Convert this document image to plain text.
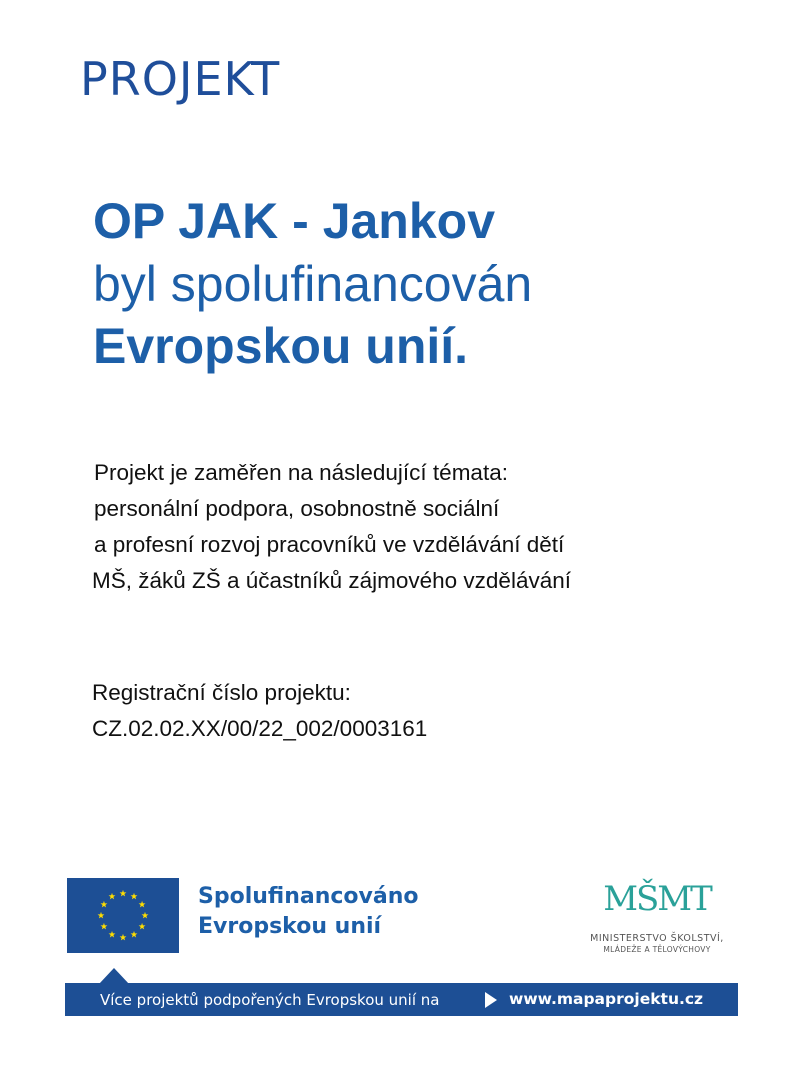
PROJEKT
OP JAK - Jankov
byl spolufinancován
Evropskou unií.
Projekt je zaměřen na následující témata:
personální podpora, osobnostně sociální
a profesní rozvoj pracovníků ve vzdělávání dětí
MŠ, žáků ZŠ a účastníků zájmového vzdělávání
Registrační číslo projektu:
CZ.02.02.XX/00/22_002/0003161
Spolufinancováno
Evropskou unií
MŠMT
MINISTERSTVO ŠKOLSTVÍ,
MLÁDEŽE A TĚLOVÝCHOVY
Více projektů podpořených Evropskou unií na	www.mapaprojektu.cz
